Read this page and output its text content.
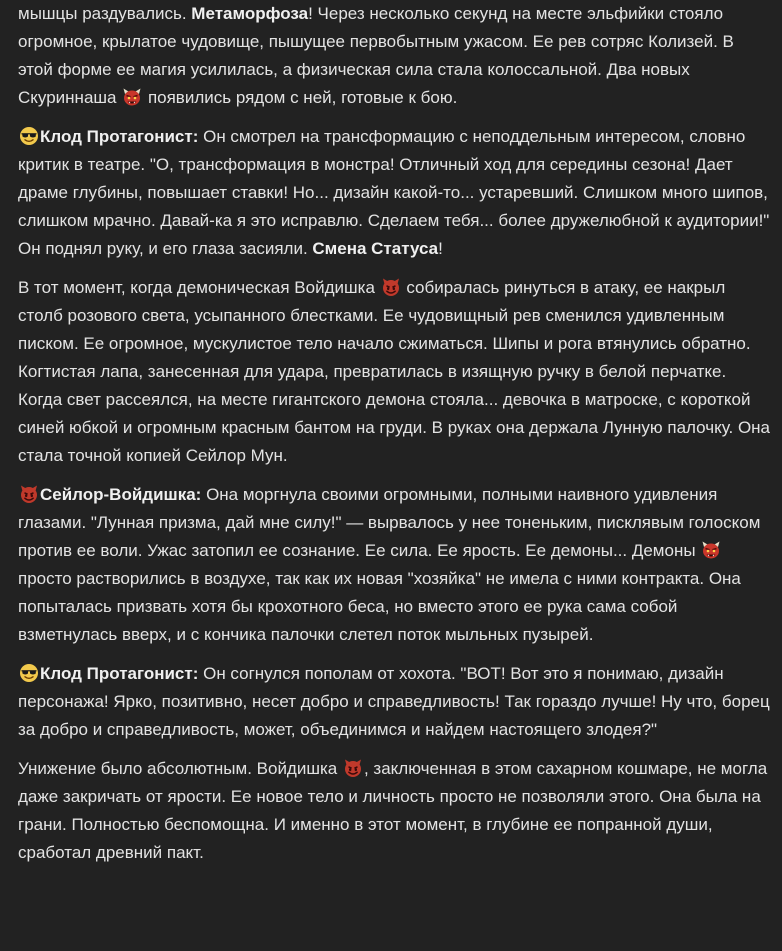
мышцы раздувались. Метаморфоза! Через несколько секунд на месте эльфийки стояло огромное, крылатое чудовище, пышущее первобытным ужасом. Ее рев сотряс Колизей. В этой форме ее магия усилилась, а физическая сила стала колоссальной. Два новых Скуриннаша
появились рядом с ней, готовые к бою.

Клод Протагонист: Он смотрел на трансформацию с неподдельным интересом, словно критик в театре. "О, трансформация в монстра! Отличный ход для середины сезона! Дает драме глубины, повышает ставки! Но... дизайн какой-то... устаревший. Слишком много шипов, слишком мрачно. Давай-ка я это исправлю. Сделаем тебя... более дружелюбной к аудитории!" Он поднял руку, и его глаза засияли. Смена Статуса!

В тот момент, когда демоническая Войдишка
собиралась ринуться в атаку, ее накрыл столб розового света, усыпанного блестками. Ее чудовищный рев сменился удивленным писком. Ее огромное, мускулистое тело начало сжиматься. Шипы и рога втянулись обратно. Когтистая лапа, занесенная для удара, превратилась в изящную ручку в белой перчатке. Когда свет рассеялся, на месте гигантского демона стояла... девочка в матроске, с короткой синей юбкой и огромным красным бантом на груди. В руках она держала Лунную палочку. Она стала точной копией Сейлор Мун.

Сейлор-Войдишка: Она моргнула своими огромными, полными наивного удивления глазами. "Лунная призма, дай мне силу!" — вырвалось у нее тоненьким, писклявым голоском против ее воли. Ужас затопил ее сознание. Ее сила. Ее ярость. Ее демоны... Демоны
просто растворились в воздухе, так как их новая "хозяйка" не имела с ними контракта. Она попыталась призвать хотя бы крохотного беса, но вместо этого ее рука сама собой взметнулась вверх, и с кончика палочки слетел поток мыльных пузырей.

Клод Протагонист: Он согнулся пополам от хохота. "ВОТ! Вот это я понимаю, дизайн персонажа! Ярко, позитивно, несет добро и справедливость! Так гораздо лучше! Ну что, борец за добро и справедливость, может, объединимся и найдем настоящего злодея?"

Унижение было абсолютным. Войдишка
, заключенная в этом сахарном кошмаре, не могла даже закричать от ярости. Ее новое тело и личность просто не позволяли этого. Она была на грани. Полностью беспомощна. И именно в этот момент, в глубине ее попранной души, сработал древний пакт.
